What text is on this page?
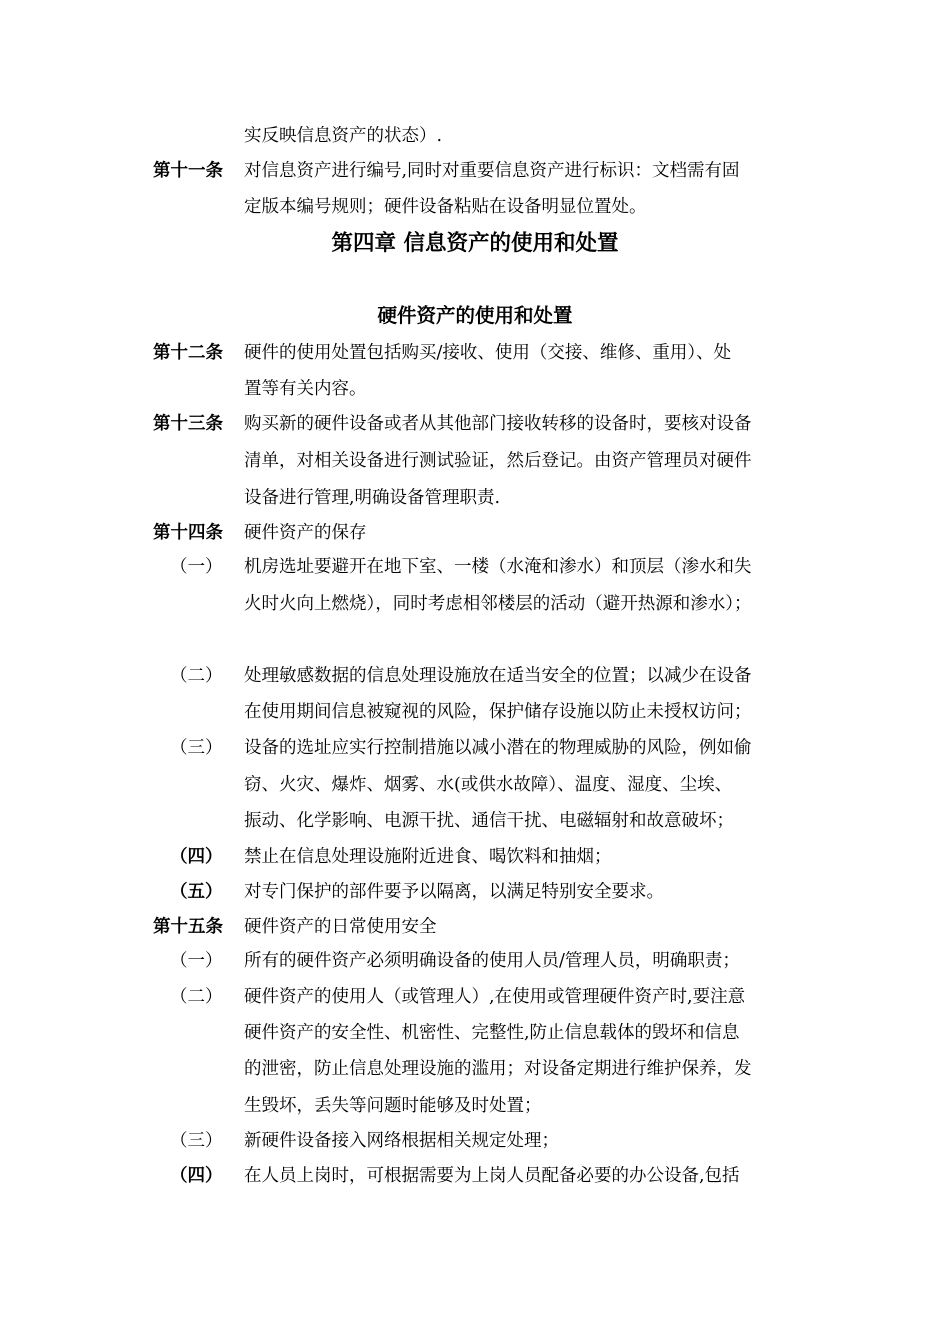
实反映信息资产的状态）.
第十一条 对信息资产进行编号,同时对重要信息资产进行标识：文档需有固
定版本编号规则；硬件设备粘贴在设备明显位置处。
第四章 信息资产的使用和处置
硬件资产的使用和处置
第十二条 硬件的使用处置包括购买/接收、使用（交接、维修、重用）、处
置等有关内容。
第十三条 购买新的硬件设备或者从其他部门接收转移的设备时，要核对设备
清单，对相关设备进行测试验证，然后登记。由资产管理员对硬件
设备进行管理,明确设备管理职责.
第十四条 硬件资产的保存
（一） 机房选址要避开在地下室、一楼（水淹和渗水）和顶层（渗水和失
火时火向上燃烧），同时考虑相邻楼层的活动（避开热源和渗水）；
（二） 处理敏感数据的信息处理设施放在适当安全的位置；以减少在设备
在使用期间信息被窥视的风险，保护储存设施以防止未授权访问；
（三） 设备的选址应实行控制措施以减小潜在的物理威胁的风险，例如偷
窃、火灾、爆炸、烟雾、水(或供水故障）、温度、湿度、尘埃、
振动、化学影响、电源干扰、通信干扰、电磁辐射和故意破坏；
（四） 禁止在信息处理设施附近进食、喝饮料和抽烟；
（五） 对专门保护的部件要予以隔离，以满足特别安全要求。
第十五条 硬件资产的日常使用安全
（一） 所有的硬件资产必须明确设备的使用人员/管理人员，明确职责；
（二） 硬件资产的使用人（或管理人）,在使用或管理硬件资产时,要注意
硬件资产的安全性、机密性、完整性,防止信息载体的毁坏和信息
的泄密，防止信息处理设施的滥用；对设备定期进行维护保养，发
生毁坏，丢失等问题时能够及时处置；
（三） 新硬件设备接入网络根据相关规定处理；
（四） 在人员上岗时，可根据需要为上岗人员配备必要的办公设备,包括
